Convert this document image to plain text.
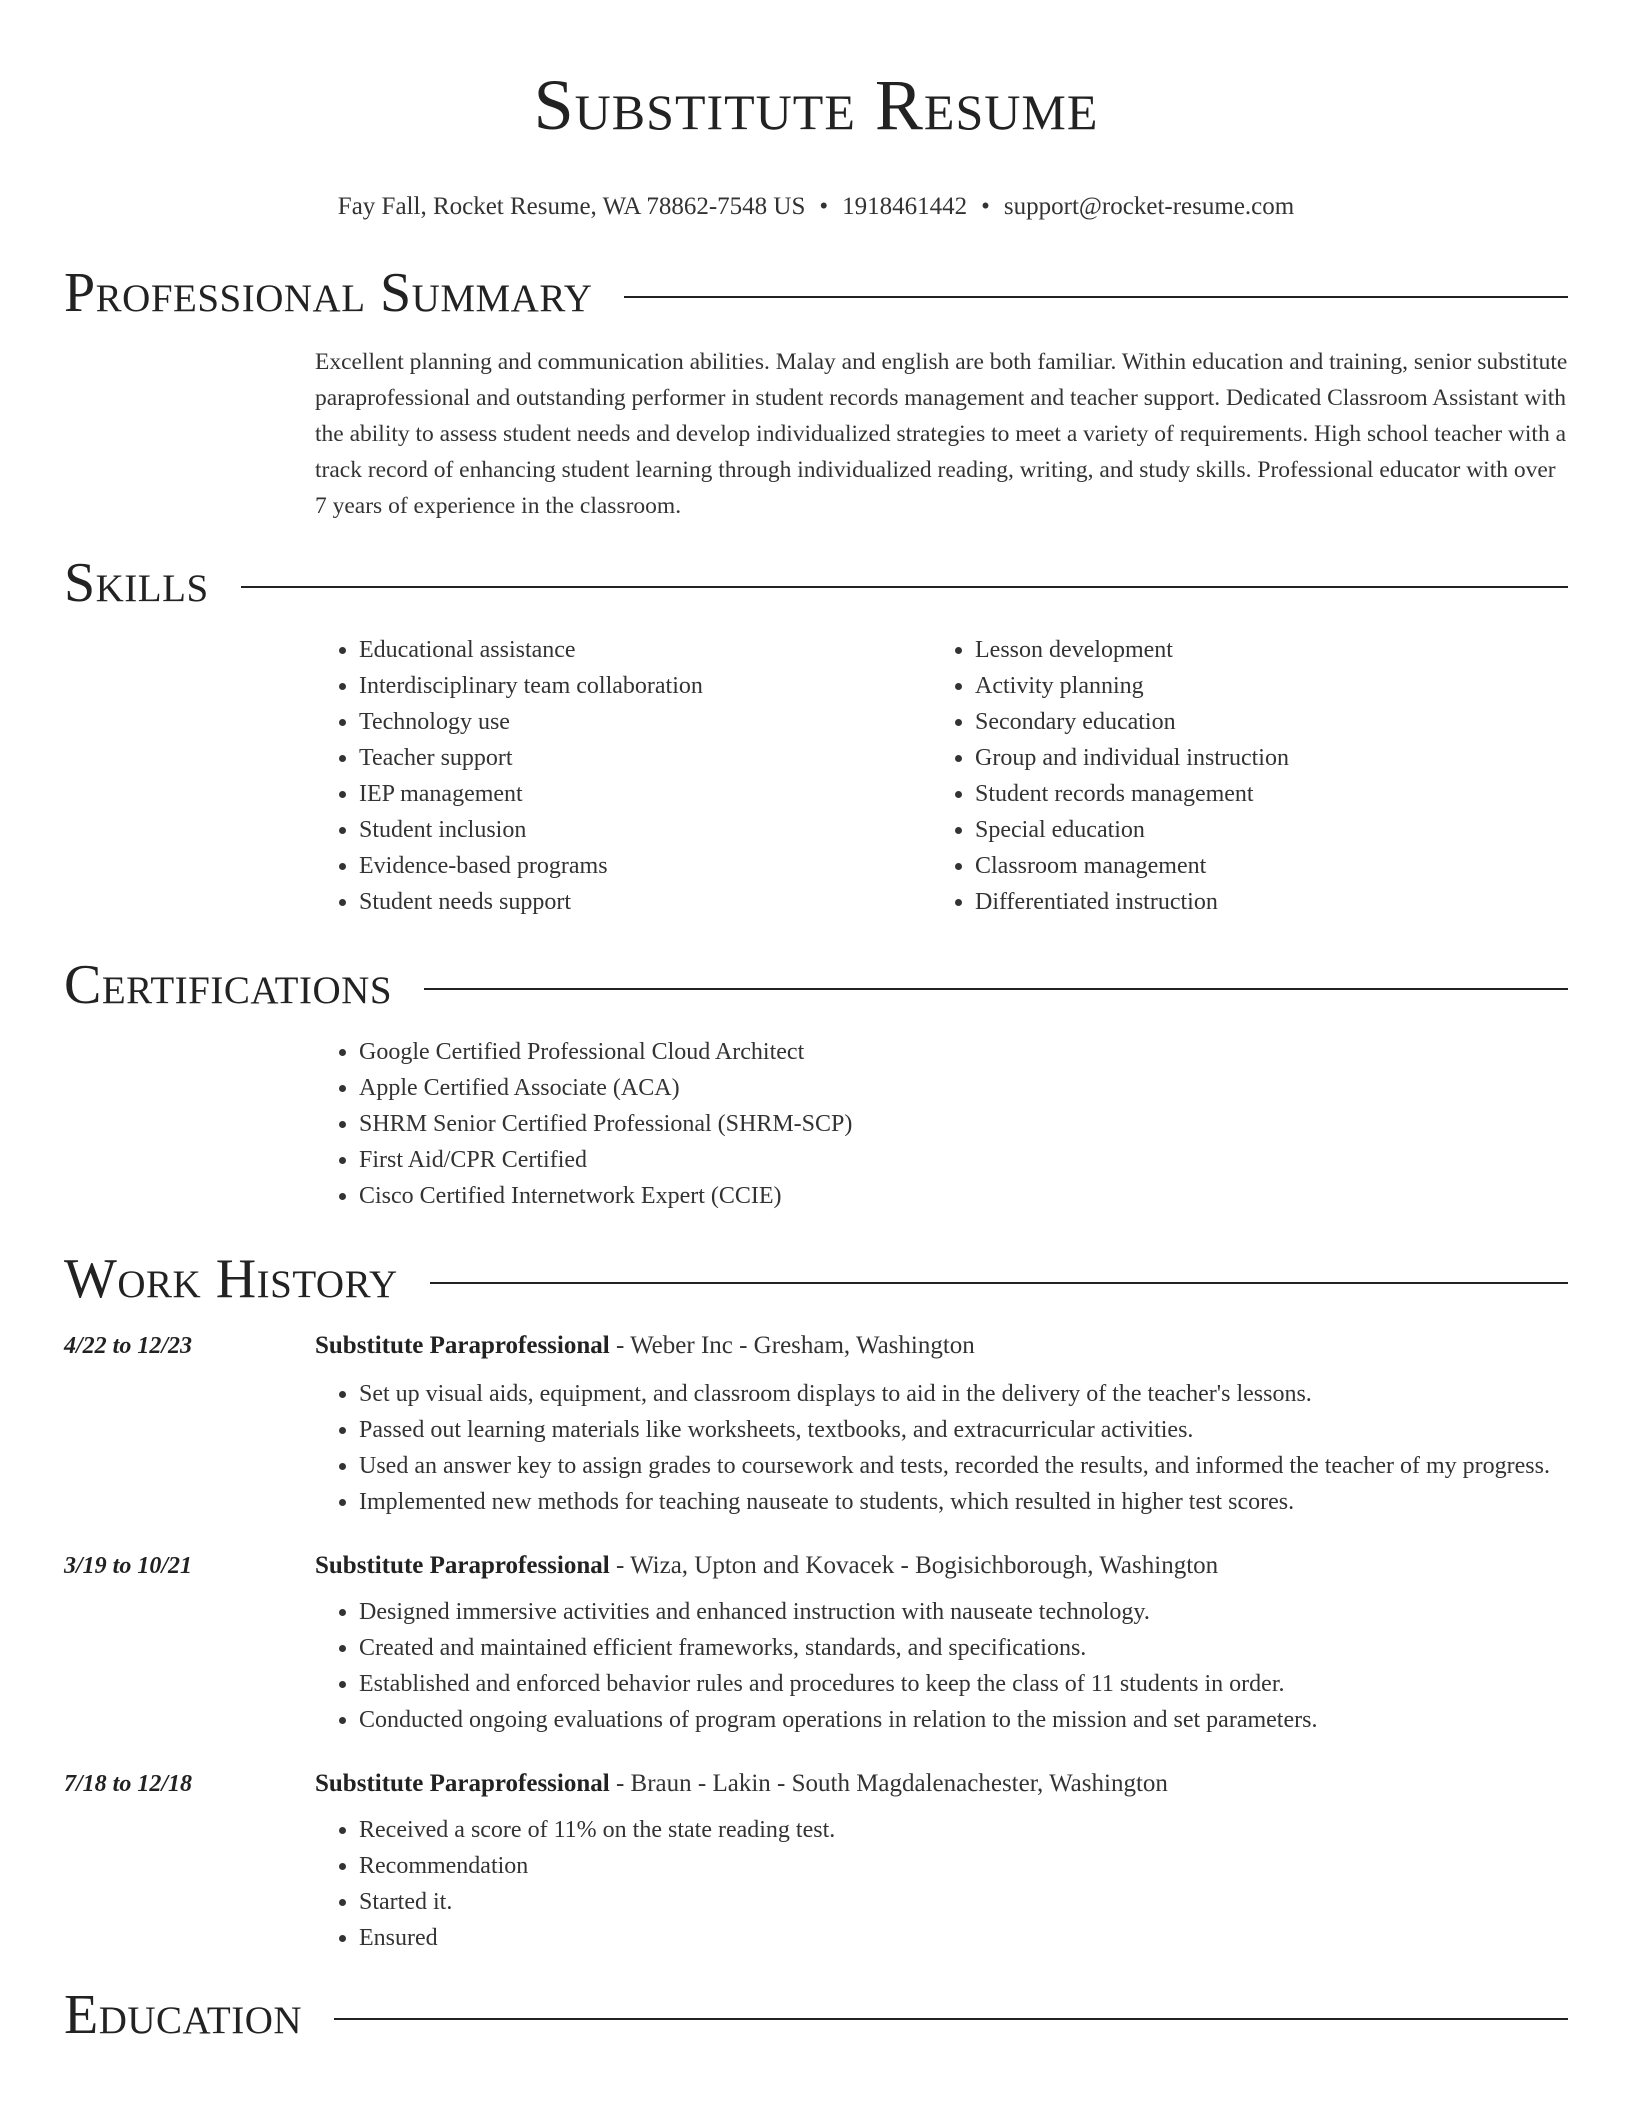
Substitute Resume
Fay Fall, Rocket Resume, WA 78862-7548 US • 1918461442 • support@rocket-resume.com
Professional Summary

Excellent planning and communication abilities. Malay and english are both familiar. Within education and training, senior substitute paraprofessional and outstanding performer in student records management and teacher support. Dedicated Classroom Assistant with the ability to assess student needs and develop individualized strategies to meet a variety of requirements. High school teacher with a track record of enhancing student learning through individualized reading, writing, and study skills. Professional educator with over 7 years of experience in the classroom.

Skills
• Educational assistance
• Interdisciplinary team collaboration
• Technology use
• Teacher support
• IEP management
• Student inclusion
• Evidence-based programs
• Student needs support
• Lesson development
• Activity planning
• Secondary education
• Group and individual instruction
• Student records management
• Special education
• Classroom management
• Differentiated instruction
Certifications
• Google Certified Professional Cloud Architect
• Apple Certified Associate (ACA)
• SHRM Senior Certified Professional (SHRM-SCP)
• First Aid/CPR Certified
• Cisco Certified Internetwork Expert (CCIE)
Work History
4/22 to 12/23	Substitute Paraprofessional - Weber Inc - Gresham, Washington
• Set up visual aids, equipment, and classroom displays to aid in the delivery of the teacher's lessons.
• Passed out learning materials like worksheets, textbooks, and extracurricular activities.
• Used an answer key to assign grades to coursework and tests, recorded the results, and informed the teacher of my progress.
• Implemented new methods for teaching nauseate to students, which resulted in higher test scores.
3/19 to 10/21	Substitute Paraprofessional - Wiza, Upton and Kovacek - Bogisichborough, Washington
• Designed immersive activities and enhanced instruction with nauseate technology.
• Created and maintained efficient frameworks, standards, and specifications.
• Established and enforced behavior rules and procedures to keep the class of 11 students in order.
• Conducted ongoing evaluations of program operations in relation to the mission and set parameters.
7/18 to 12/18	Substitute Paraprofessional - Braun - Lakin - South Magdalenachester, Washington
• Received a score of 11% on the state reading test.
• Recommendation
• Started it.
• Ensured
Education
